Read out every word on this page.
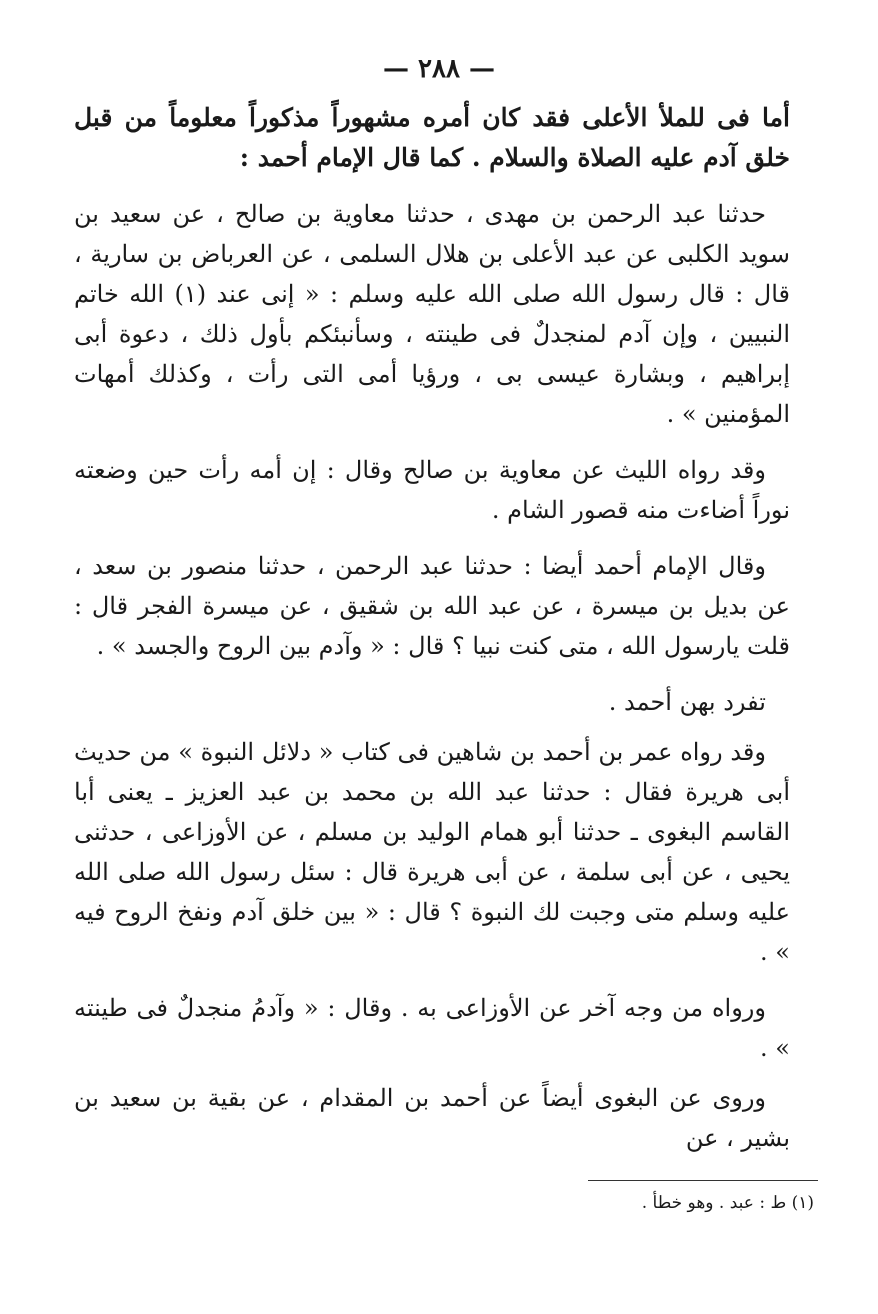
— ٢٨٨ —

أما فى للملأ الأعلى فقد كان أمره مشهوراً مذكوراً معلوماً من قبل خلق آدم عليه الصلاة والسلام . كما قال الإمام أحمد :

حدثنا عبد الرحمن بن مهدى ، حدثنا معاوية بن صالح ، عن سعيد بن سويد الكلبى عن عبد الأعلى بن هلال السلمى ، عن العرباض بن سارية ، قال : قال رسول الله صلى الله عليه وسلم : « إنى عند (١) الله خاتم النبيين ، وإن آدم لمنجدلٌ فى طينته ، وسأنبئكم بأول ذلك ، دعوة أبى إبراهيم ، وبشارة عيسى بى ، ورؤيا أمى التى رأت ، وكذلك أمهات المؤمنين » .

وقد رواه الليث عن معاوية بن صالح وقال : إن أمه رأت حين وضعته نوراً أضاءت منه قصور الشام .

وقال الإمام أحمد أيضا : حدثنا عبد الرحمن ، حدثنا منصور بن سعد ، عن بديل بن ميسرة ، عن عبد الله بن شقيق ، عن ميسرة الفجر قال : قلت يارسول الله ، متى كنت نبيا ؟ قال : « وآدم بين الروح والجسد » .

تفرد بهن أحمد .

وقد رواه عمر بن أحمد بن شاهين فى كتاب « دلائل النبوة » من حديث أبى هريرة فقال : حدثنا عبد الله بن محمد بن عبد العزيز ـ يعنى أبا القاسم البغوى ـ حدثنا أبو همام الوليد بن مسلم ، عن الأوزاعى ، حدثنى يحيى ، عن أبى سلمة ، عن أبى هريرة قال : سئل رسول الله صلى الله عليه وسلم متى وجبت لك النبوة ؟ قال : « بين خلق آدم ونفخ الروح فيه » .

ورواه من وجه آخر عن الأوزاعى به . وقال : « وآدمُ منجدلٌ فى طينته » .

وروى عن البغوى أيضاً عن أحمد بن المقدام ، عن بقية بن سعيد بن بشير ، عن

(١) ط : عبد . وهو خطأ .
